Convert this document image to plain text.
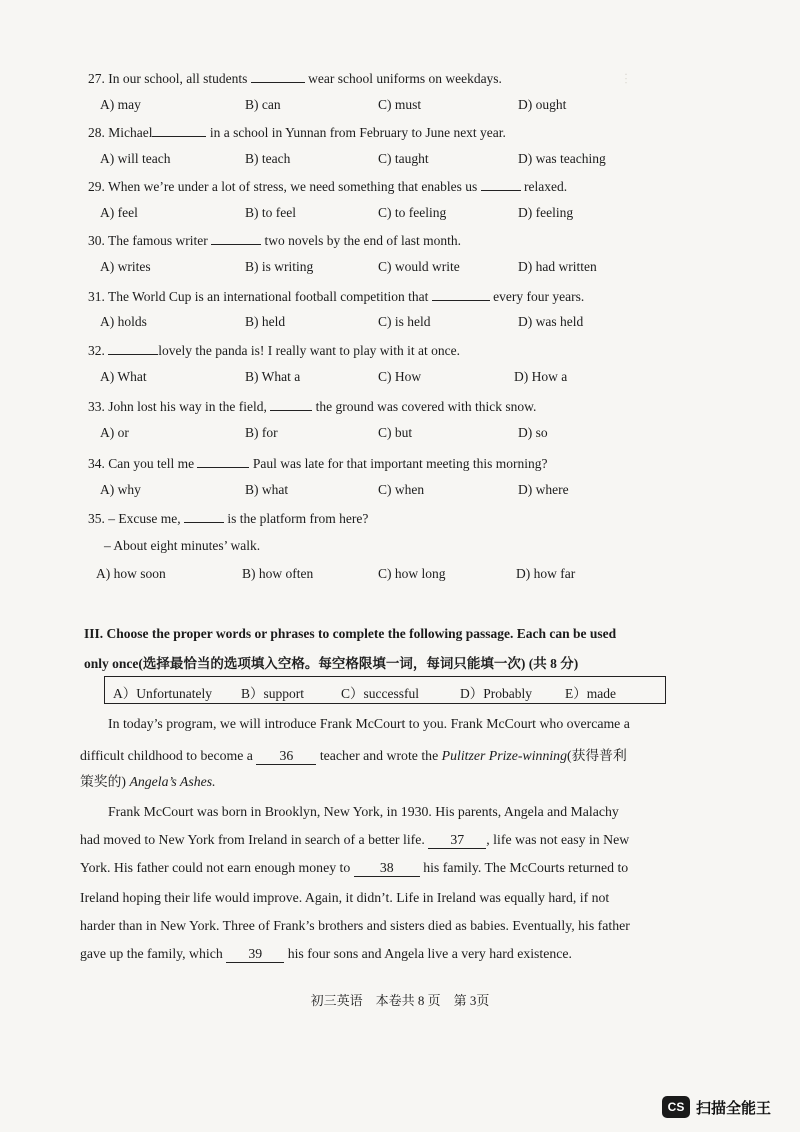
︙
27. In our school, all students	wear school uniforms on weekdays.
A) may	B) can	C) must	D) ought
28. Michael	in a school in Yunnan from February to June next year.
A) will teach	B) teach	C) taught	D) was teaching
29. When we’re under a lot of stress, we need something that enables us	relaxed.
A) feel	B) to feel	C) to feeling	D) feeling
30. The famous writer	two novels by the end of last month.
A) writes	B) is writing	C) would write	D) had written
31. The World Cup is an international football competition that	every four years.
A) holds	B) held	C) is held	D) was held
32.	lovely the panda is! I really want to play with it at once.
A) What	B) What a	C) How	D) How a
33. John lost his way in the field,	the ground was covered with thick snow.
A) or	B) for	C) but	D) so
34. Can you tell me	Paul was late for that important meeting this morning?
A) why	B) what	C) when	D) where
35. – Excuse me,	is the platform from here?
– About eight minutes’ walk.
A) how soon	B) how often	C) how long	D) how far
III. Choose the proper words or phrases to complete the following passage. Each can be used
only once(选择最恰当的选项填入空格。每空格限填一词，每词只能填一次) (共 8 分)
A）Unfortunately B）support	C）successful	D）Probably E）made
In today’s program, we will introduce Frank McCourt to you. Frank McCourt who overcame a
difficult childhood to become a 36 teacher and wrote the Pulitzer Prize-winning(获得普利
策奖的) Angela’s Ashes.
Frank McCourt was born in Brooklyn, New York, in 1930. His parents, Angela and Malachy
had moved to New York from Ireland in search of a better life. 37 , life was not easy in New
York. His father could not earn enough money to 38 his family. The McCourts returned to
Ireland hoping their life would improve. Again, it didn’t. Life in Ireland was equally hard, if not
harder than in New York. Three of Frank’s brothers and sisters died as babies. Eventually, his father
gave up the family, which 39 his four sons and Angela live a very hard existence.
初三英语　本卷共 8 页　第 3页
CS 扫描全能王
